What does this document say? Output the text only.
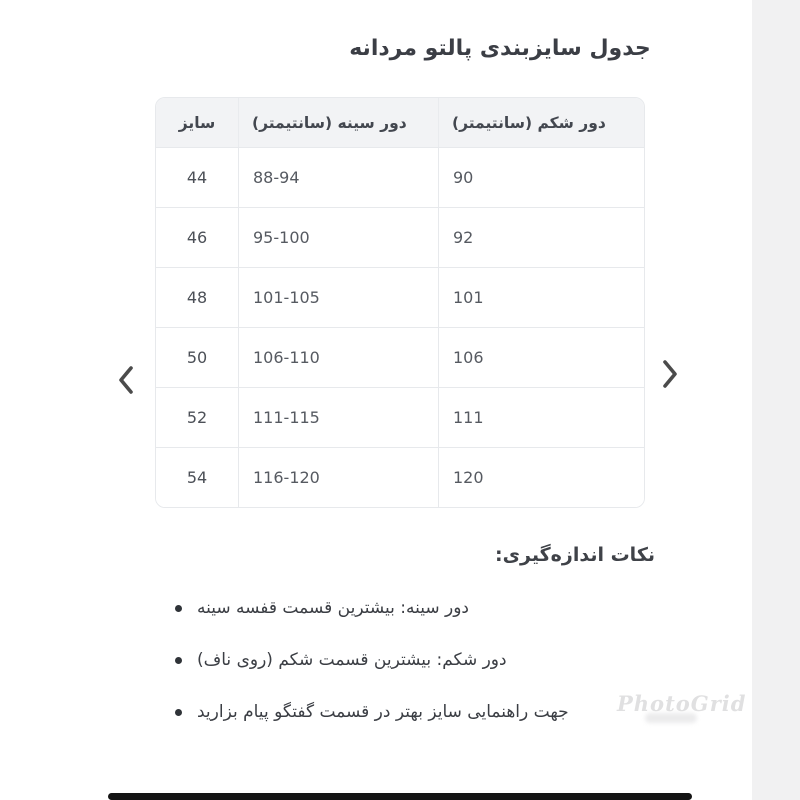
جدول سایزبندی پالتو مردانه
سایز	دور سینه (سانتیمتر)	دور شکم (سانتیمتر)
44	88-94	90
46	95-100	92
48	101-105	101
50	106-110	106
52	111-115	111
54	116-120	120
نکات اندازه‌گیری:
دور سینه: بیشترین قسمت قفسه سینه
دور شکم: بیشترین قسمت شکم (روی ناف)
جهت راهنمایی سایز بهتر در قسمت گفتگو پیام بزارید	PhotoGrid
